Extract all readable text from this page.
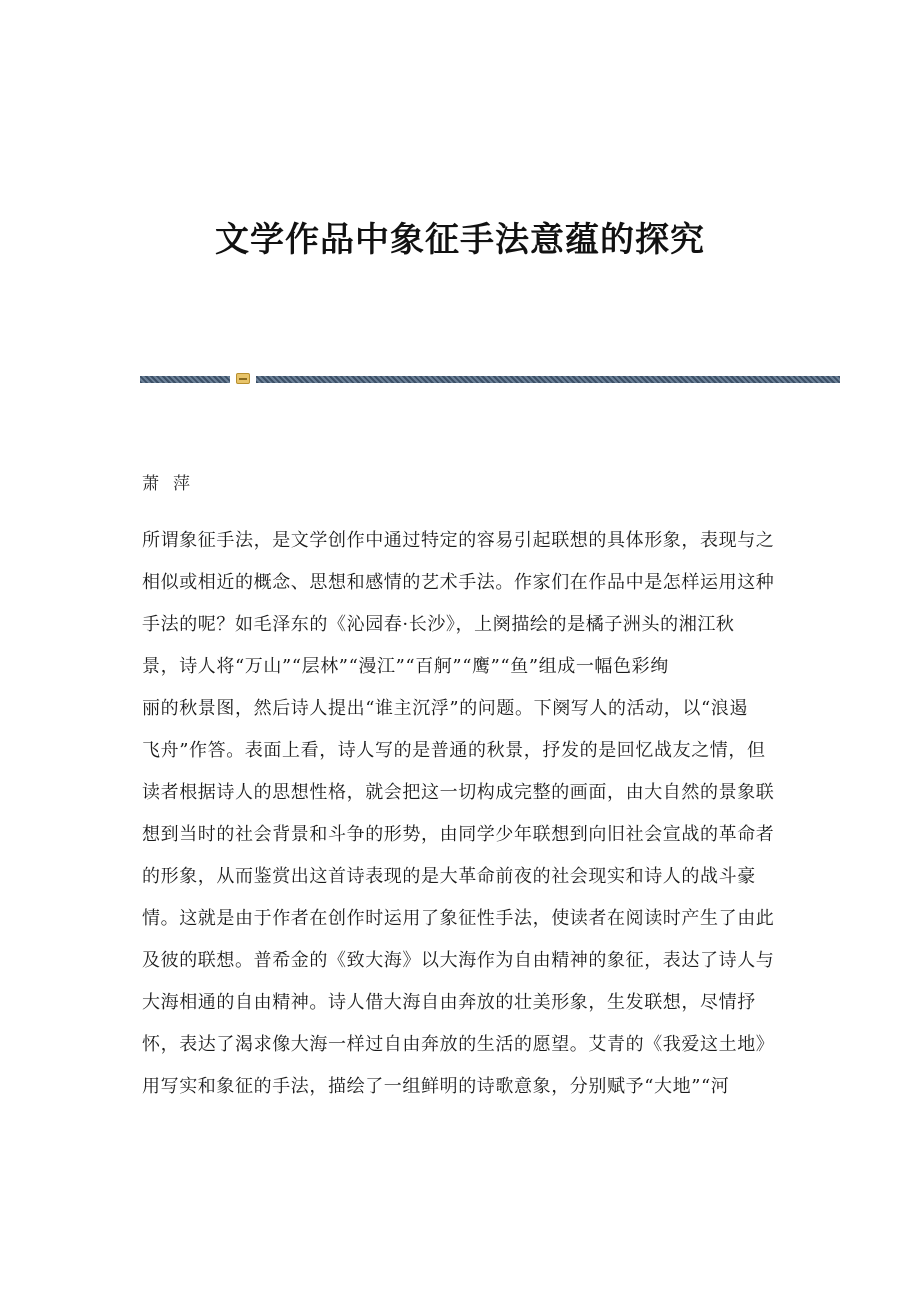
文学作品中象征手法意蕴的探究
萧萍
所谓象征手法，是文学创作中通过特定的容易引起联想的具体形象，表现与之
相似或相近的概念、思想和感情的艺术手法。作家们在作品中是怎样运用这种
手法的呢？如毛泽东的《沁园春·长沙》，上阕描绘的是橘子洲头的湘江秋
景，诗人将“万山”“层林”“漫江”“百舸”“鹰”“鱼”组成一幅色彩绚
丽的秋景图，然后诗人提出“谁主沉浮”的问题。下阕写人的活动，以“浪遏
飞舟”作答。表面上看，诗人写的是普通的秋景，抒发的是回忆战友之情，但
读者根据诗人的思想性格，就会把这一切构成完整的画面，由大自然的景象联
想到当时的社会背景和斗争的形势，由同学少年联想到向旧社会宣战的革命者
的形象，从而鉴赏出这首诗表现的是大革命前夜的社会现实和诗人的战斗豪
情。这就是由于作者在创作时运用了象征性手法，使读者在阅读时产生了由此
及彼的联想。普希金的《致大海》以大海作为自由精神的象征，表达了诗人与
大海相通的自由精神。诗人借大海自由奔放的壮美形象，生发联想，尽情抒
怀，表达了渴求像大海一样过自由奔放的生活的愿望。艾青的《我爱这土地》
用写实和象征的手法，描绘了一组鲜明的诗歌意象，分别赋予“大地”“河
